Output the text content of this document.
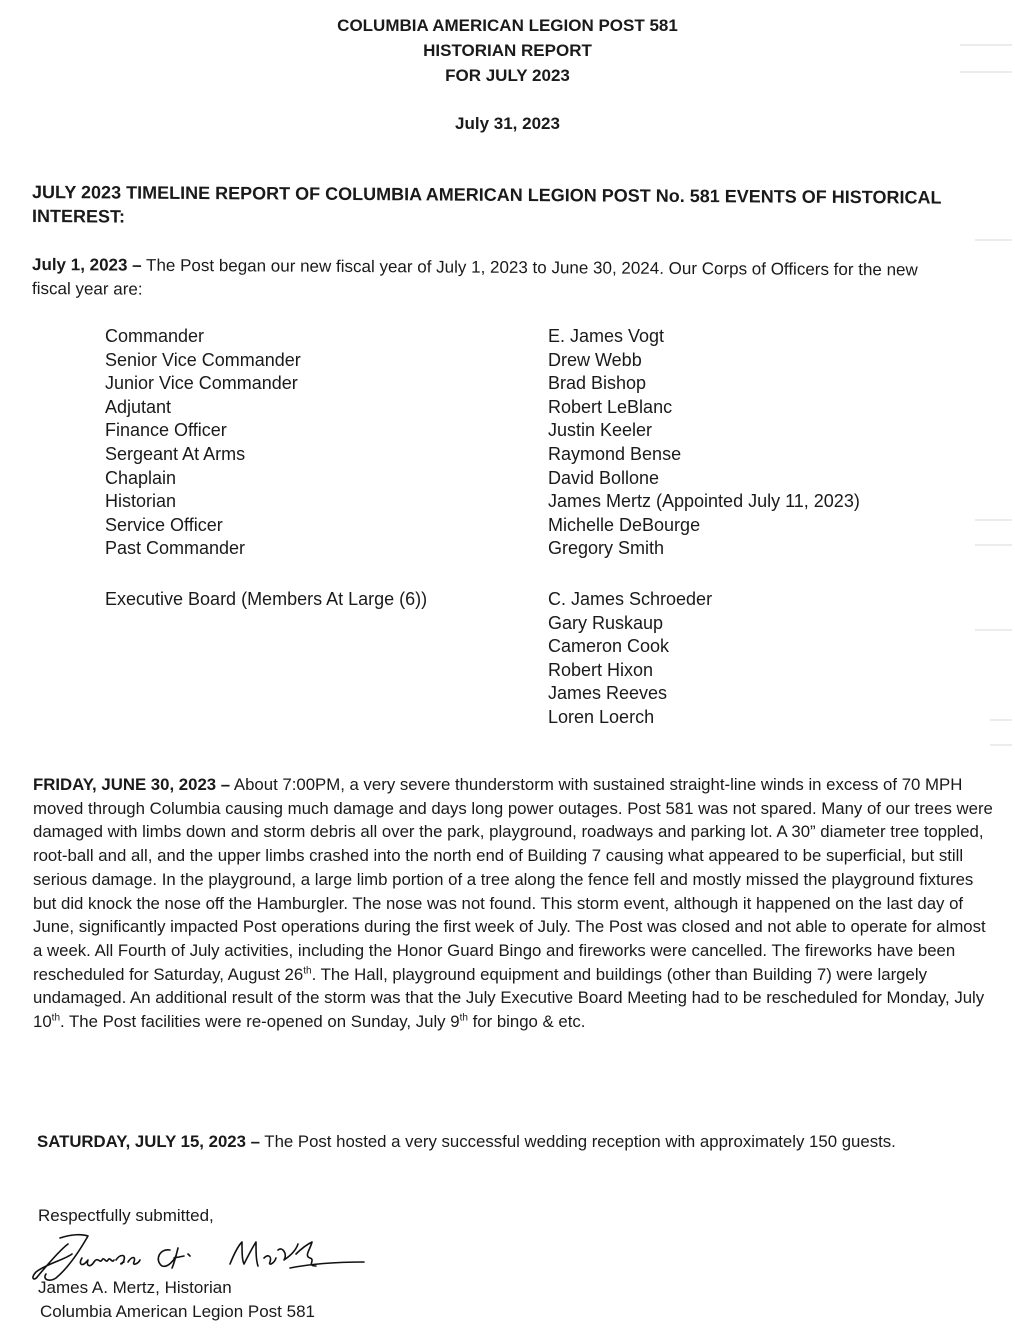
COLUMBIA AMERICAN LEGION POST 581
HISTORIAN REPORT
FOR JULY 2023
July 31, 2023
JULY 2023 TIMELINE REPORT OF COLUMBIA AMERICAN LEGION POST No. 581 EVENTS OF HISTORICAL INTEREST:
July 1, 2023 – The Post began our new fiscal year of July 1, 2023 to June 30, 2024. Our Corps of Officers for the new fiscal year are:
Commander	E. James Vogt
Senior Vice Commander	Drew Webb
Junior Vice Commander	Brad Bishop
Adjutant	Robert LeBlanc
Finance Officer	Justin Keeler
Sergeant At Arms	Raymond Bense
Chaplain	David Bollone
Historian	James Mertz (Appointed July 11, 2023)
Service Officer	Michelle DeBourge
Past Commander	Gregory Smith
Executive Board (Members At Large (6))	C. James Schroeder
Gary Ruskaup
Cameron Cook
Robert Hixon
James Reeves
Loren Loerch
FRIDAY, JUNE 30, 2023 – About 7:00PM, a very severe thunderstorm with sustained straight-line winds in excess of 70 MPH moved through Columbia causing much damage and days long power outages. Post 581 was not spared. Many of our trees were damaged with limbs down and storm debris all over the park, playground, roadways and parking lot. A 30” diameter tree toppled, root-ball and all, and the upper limbs crashed into the north end of Building 7 causing what appeared to be superficial, but still serious damage. In the playground, a large limb portion of a tree along the fence fell and mostly missed the playground fixtures but did knock the nose off the Hamburgler. The nose was not found. This storm event, although it happened on the last day of June, significantly impacted Post operations during the first week of July. The Post was closed and not able to operate for almost a week. All Fourth of July activities, including the Honor Guard Bingo and fireworks were cancelled. The fireworks have been rescheduled for Saturday, August 26th. The Hall, playground equipment and buildings (other than Building 7) were largely undamaged. An additional result of the storm was that the July Executive Board Meeting had to be rescheduled for Monday, July 10th. The Post facilities were re-opened on Sunday, July 9th for bingo & etc.
SATURDAY, JULY 15, 2023 – The Post hosted a very successful wedding reception with approximately 150 guests.
Respectfully submitted,
James A. Mertz, Historian
Columbia American Legion Post 581
